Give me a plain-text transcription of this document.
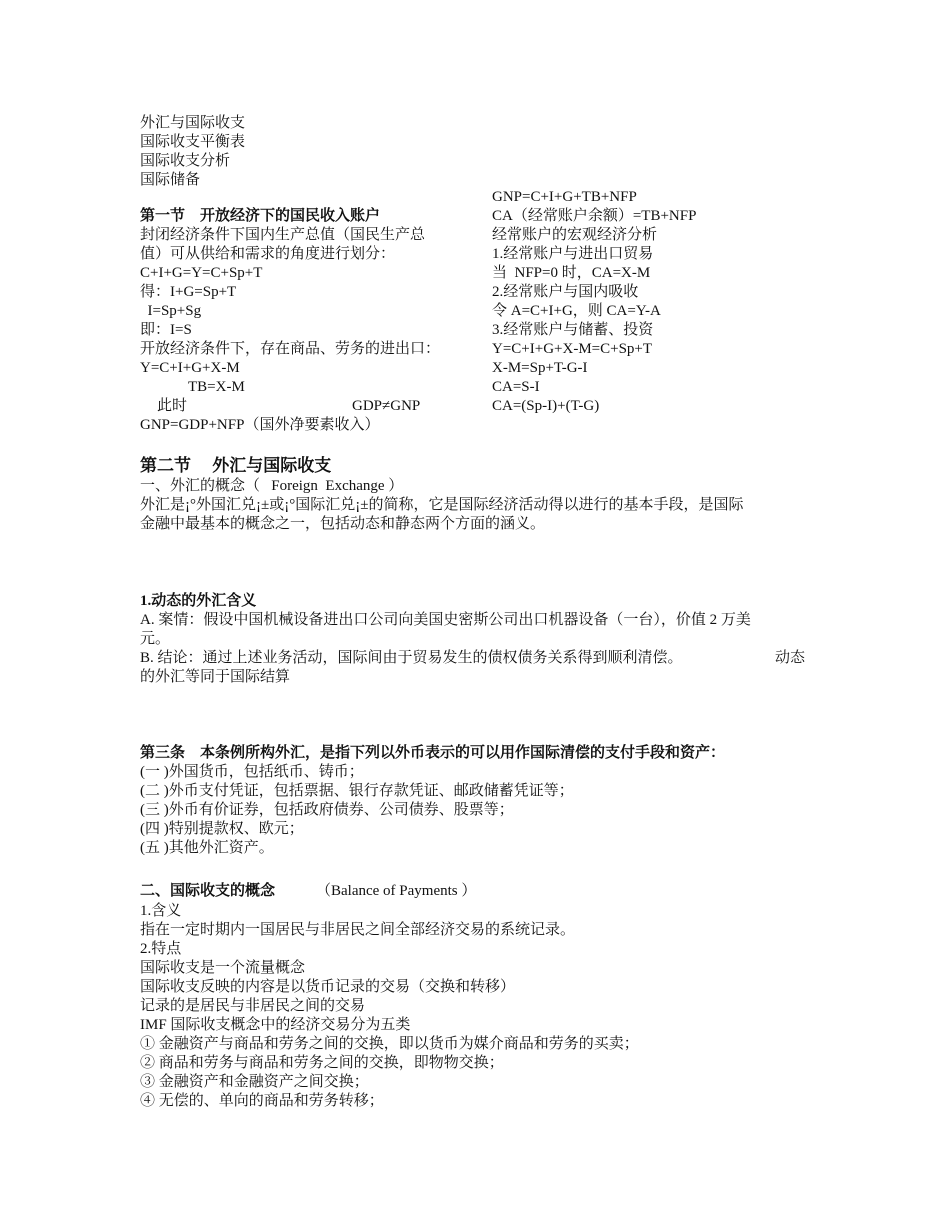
外汇与国际收支
国际收支平衡表
国际收支分析
国际储备
第一节　开放经济下的国民收入账户
封闭经济条件下国内生产总值（国民生产总
值）可从供给和需求的角度进行划分：
C+I+G=Y=C+Sp+T
得：I+G=Sp+T
I=Sp+Sg
即：I=S
开放经济条件下，存在商品、劳务的进出口：
Y=C+I+G+X-M
TB=X-M
此时	GDP≠GNP
GNP=GDP+NFP（国外净要素收入）
GNP=C+I+G+TB+NFP
CA（经常账户余额）=TB+NFP
经常账户的宏观经济分析
1.经常账户与进出口贸易
当  NFP=0 时，CA=X-M
2.经常账户与国内吸收
令 A=C+I+G，则 CA=Y-A
3.经常账户与储蓄、投资
Y=C+I+G+X-M=C+Sp+T
X-M=Sp+T-G-I
CA=S-I
CA=(Sp-I)+(T-G)
第二节　 外汇与国际收支
一、外汇的概念（   Foreign  Exchange ）
外汇是¡°外国汇兑¡±或¡°国际汇兑¡±的简称，它是国际经济活动得以进行的基本手段，是国际
金融中最基本的概念之一，包括动态和静态两个方面的涵义。
1.动态的外汇含义
A. 案情：假设中国机械设备进出口公司向美国史密斯公司出口机器设备（一台），价值 2 万美
元。
B. 结论：通过上述业务活动，国际间由于贸易发生的债权债务关系得到顺利清偿。	动态
的外汇等同于国际结算
第三条　本条例所构外汇，是指下列以外币表示的可以用作国际清偿的支付手段和资产：
(一 )外国货币，包括纸币、铸币；
(二 )外币支付凭证，包括票据、银行存款凭证、邮政储蓄凭证等；
(三 )外币有价证券，包括政府债券、公司债券、股票等；
(四 )特别提款权、欧元；
(五 )其他外汇资产。
二、国际收支的概念	（Balance of Payments ）
1.含义
指在一定时期内一国居民与非居民之间全部经济交易的系统记录。
2.特点
国际收支是一个流量概念
国际收支反映的内容是以货币记录的交易（交换和转移）
记录的是居民与非居民之间的交易
IMF 国际收支概念中的经济交易分为五类
① 金融资产与商品和劳务之间的交换，即以货币为媒介商品和劳务的买卖；
② 商品和劳务与商品和劳务之间的交换，即物物交换；
③ 金融资产和金融资产之间交换；
④ 无偿的、单向的商品和劳务转移；
